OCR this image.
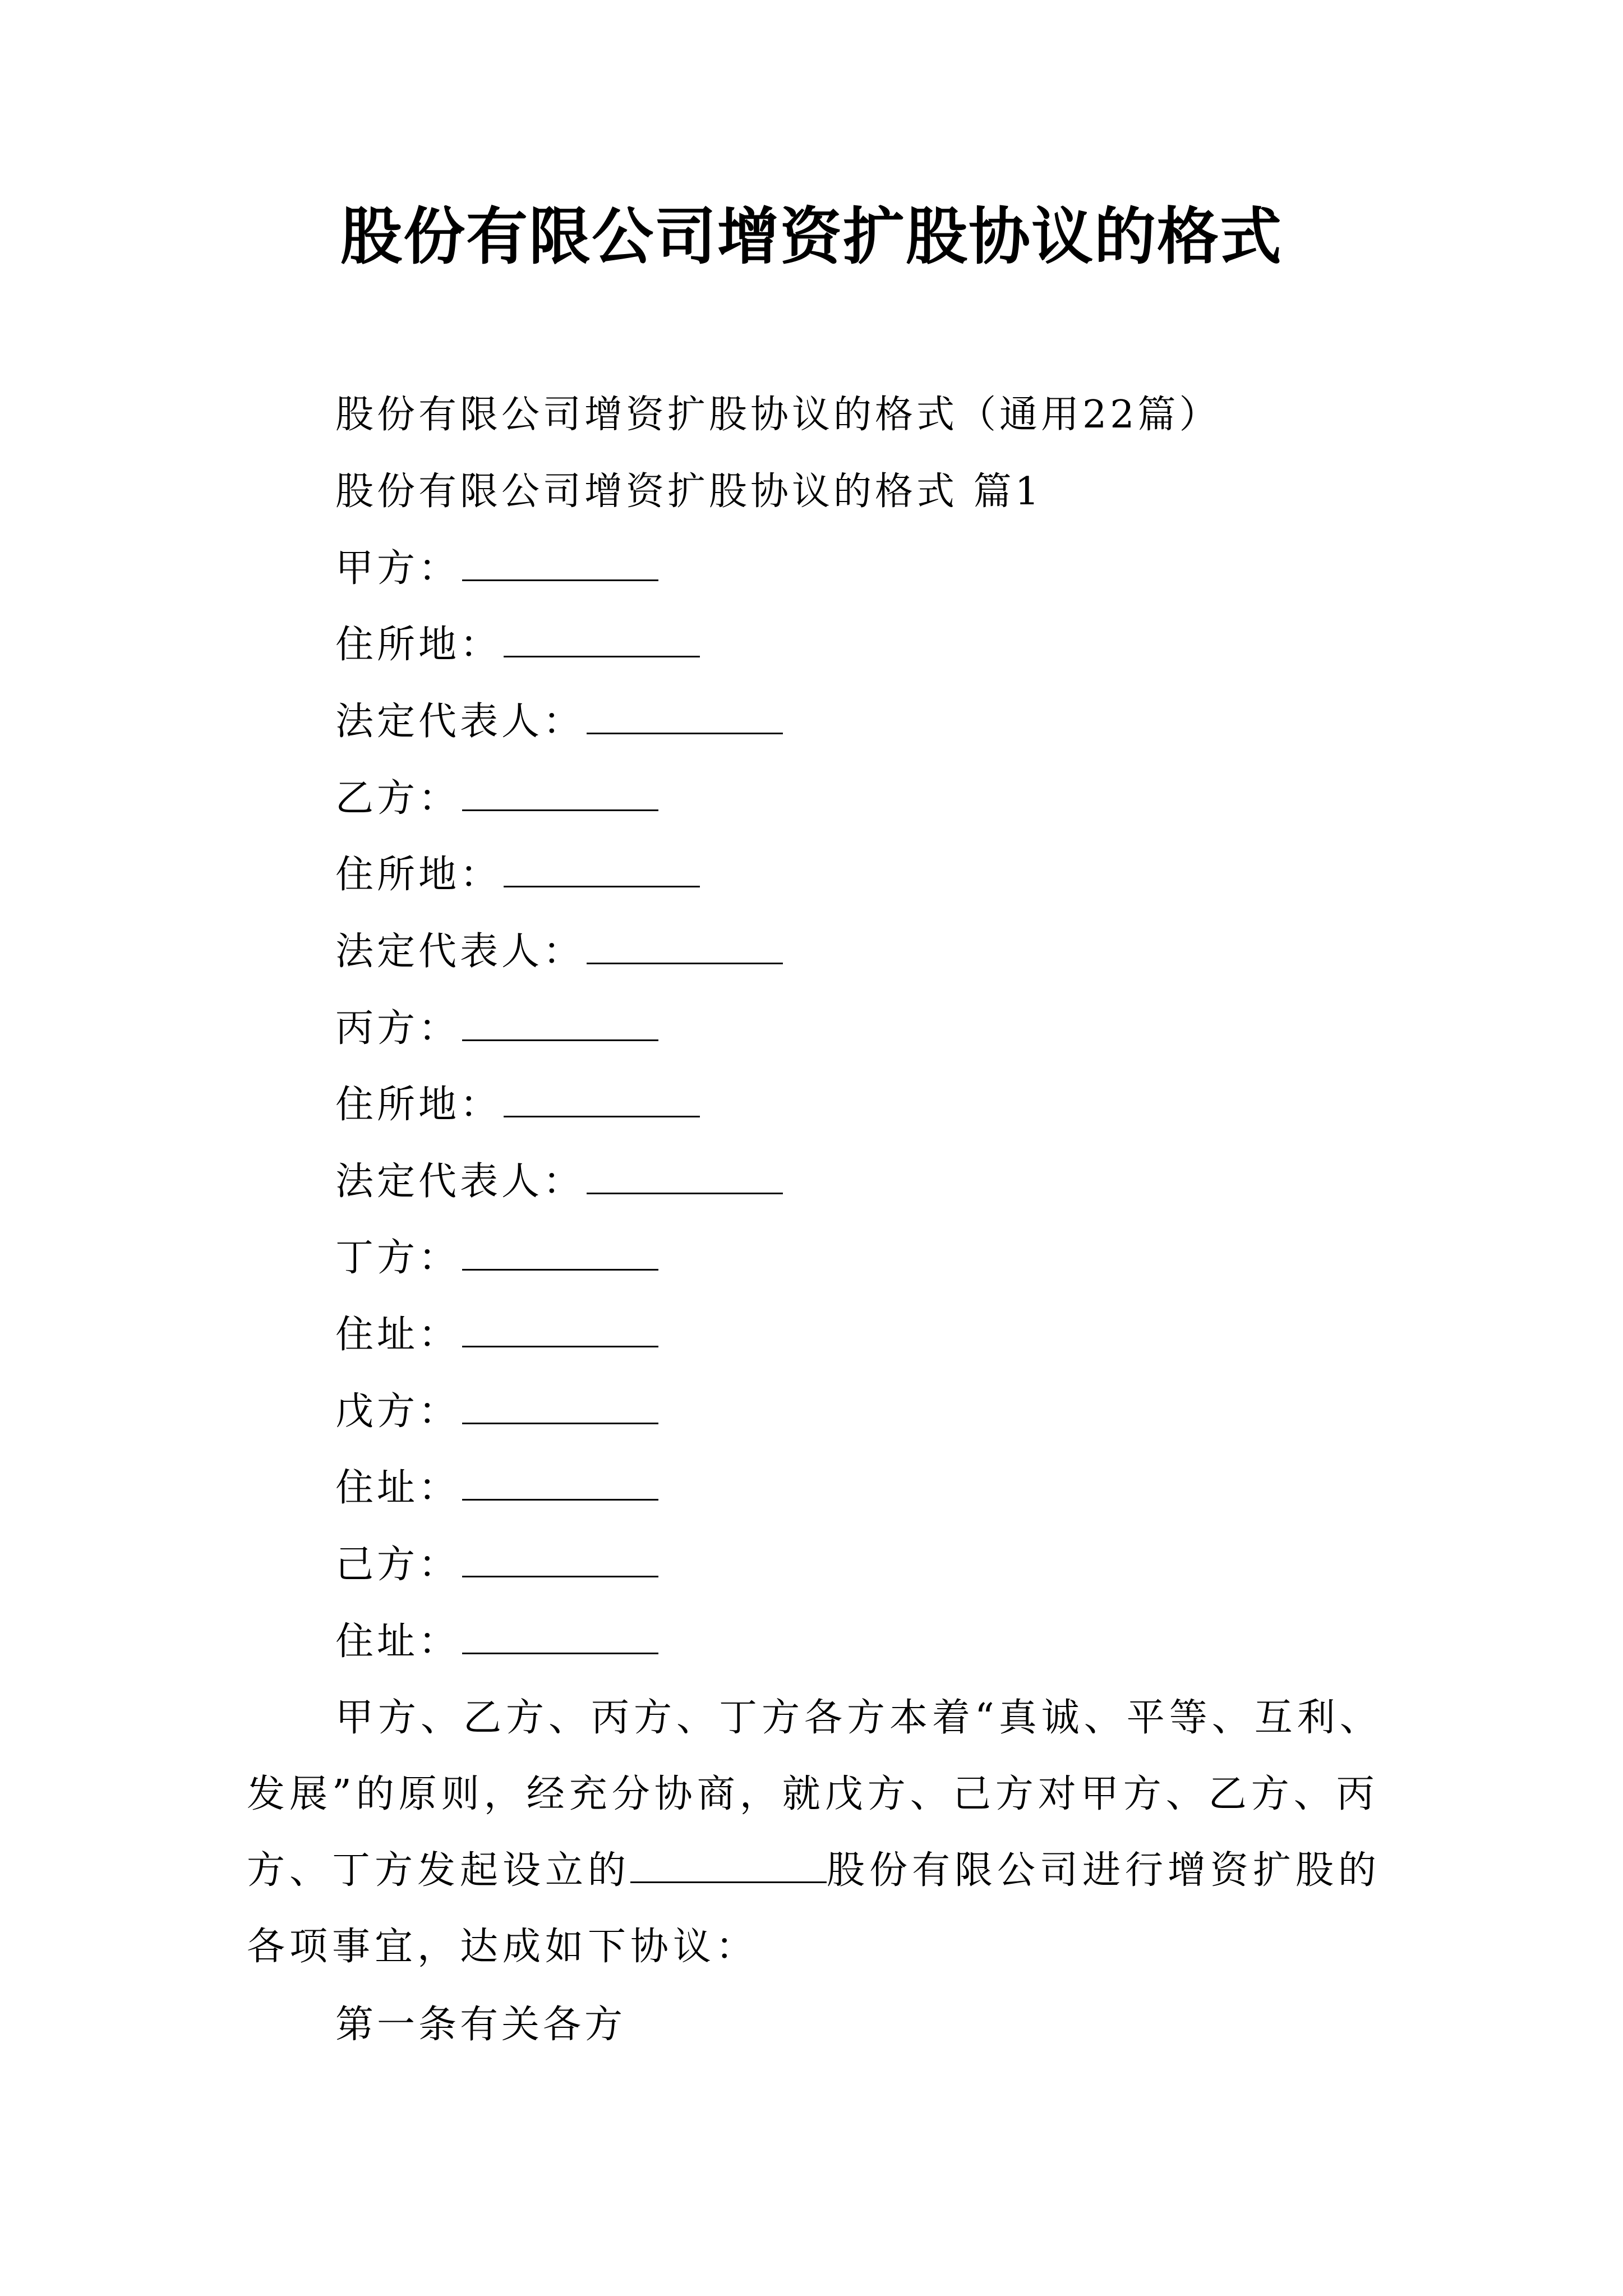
股份有限公司增资扩股协议的格式
股份有限公司增资扩股协议的格式（通用22篇）
股份有限公司增资扩股协议的格式 篇1
甲方：
住所地：
法定代表人：
乙方：
住所地：
法定代表人：
丙方：
住所地：
法定代表人：
丁方：
住址：
戊方：
住址：
己方：
住址：

甲方、乙方、丙方、丁方各方本着“真诚、平等、互利、发展”的原则，经充分协商，就戊方、己方对甲方、乙方、丙方、丁方发起设立的	股份有限公司进行增资扩股的各项事宜，达成如下协议：

第一条有关各方
